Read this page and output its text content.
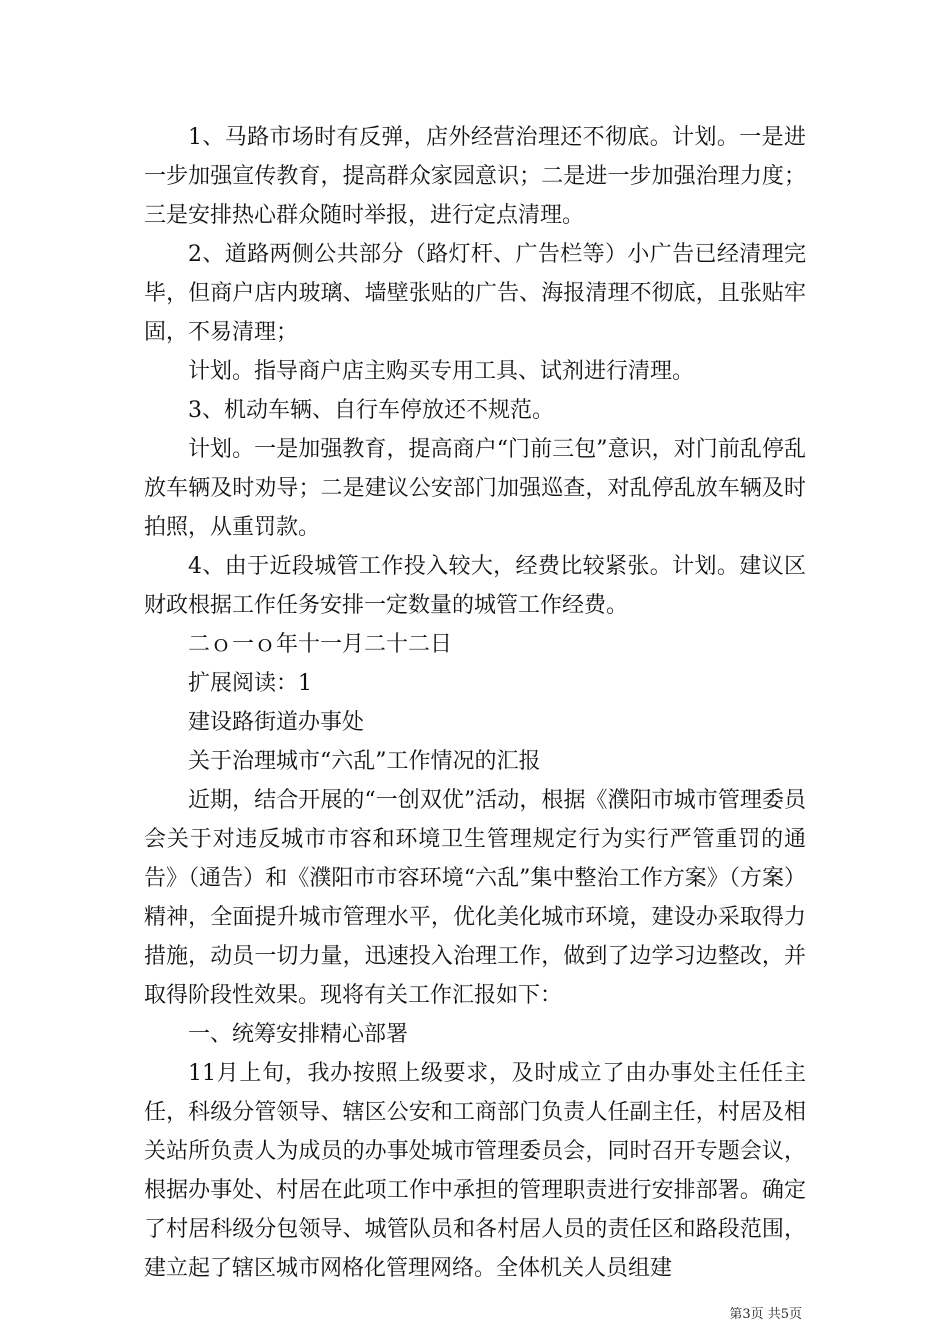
1、马路市场时有反弹，店外经营治理还不彻底。计划。一是进一步加强宣传教育，提高群众家园意识；二是进一步加强治理力度；三是安排热心群众随时举报，进行定点清理。

2、道路两侧公共部分（路灯杆、广告栏等）小广告已经清理完毕，但商户店内玻璃、墙壁张贴的广告、海报清理不彻底，且张贴牢固，不易清理；

计划。指导商户店主购买专用工具、试剂进行清理。

3、机动车辆、自行车停放还不规范。

计划。一是加强教育，提高商户“门前三包”意识，对门前乱停乱放车辆及时劝导；二是建议公安部门加强巡查，对乱停乱放车辆及时拍照，从重罚款。

4、由于近段城管工作投入较大，经费比较紧张。计划。建议区财政根据工作任务安排一定数量的城管工作经费。

二ｏ一ｏ年十一月二十二日

扩展阅读：1

建设路街道办事处

关于治理城市“六乱”工作情况的汇报

近期，结合开展的“一创双优”活动，根据《濮阳市城市管理委员会关于对违反城市市容和环境卫生管理规定行为实行严管重罚的通告》（通告）和《濮阳市市容环境“六乱”集中整治工作方案》（方案）精神，全面提升城市管理水平，优化美化城市环境，建设办采取得力措施，动员一切力量，迅速投入治理工作，做到了边学习边整改，并取得阶段性效果。现将有关工作汇报如下：

一、统筹安排精心部署

11月上旬，我办按照上级要求，及时成立了由办事处主任任主任，科级分管领导、辖区公安和工商部门负责人任副主任，村居及相关站所负责人为成员的办事处城市管理委员会，同时召开专题会议，根据办事处、村居在此项工作中承担的管理职责进行安排部署。确定了村居科级分包领导、城管队员和各村居人员的责任区和路段范围，建立起了辖区城市网格化管理网络。全体机关人员组建

第3页 共5页
